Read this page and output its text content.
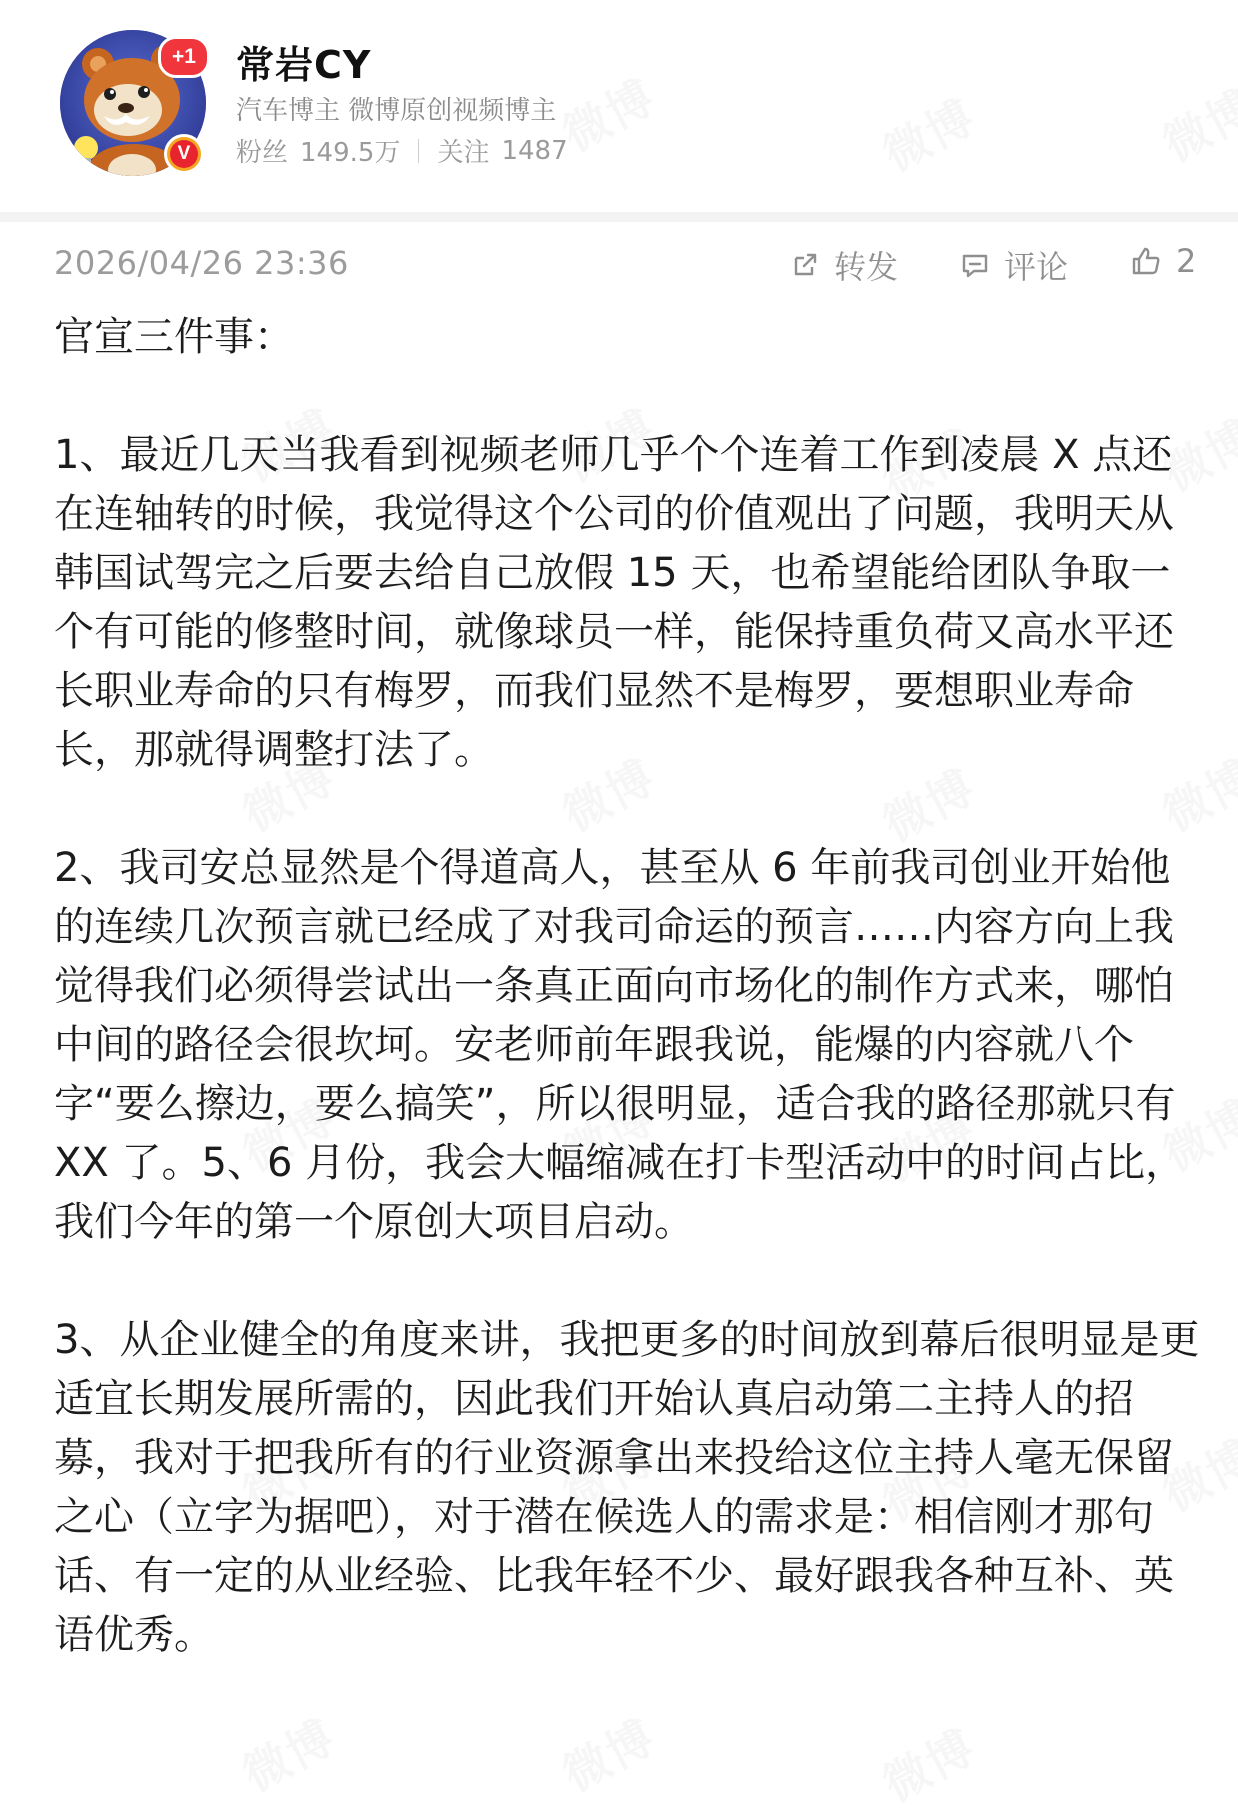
+1
V
常岩CY
汽车博主 微博原创视频博主
粉丝 149.5万 关注 1487
2026/04/26 23:36	转发	评论	2

官宣三件事：

1、最近几天当我看到视频老师几乎个个连着工作到凌晨 X 点还在连轴转的时候，我觉得这个公司的价值观出了问题，我明天从韩国试驾完之后要去给自己放假 15 天，也希望能给团队争取一个有可能的修整时间，就像球员一样，能保持重负荷又高水平还长职业寿命的只有梅罗，而我们显然不是梅罗，要想职业寿命长，那就得调整打法了。

2、我司安总显然是个得道高人，甚至从 6 年前我司创业开始他的连续几次预言就已经成了对我司命运的预言……内容方向上我觉得我们必须得尝试出一条真正面向市场化的制作方式来，哪怕中间的路径会很坎坷。安老师前年跟我说，能爆的内容就八个字“要么擦边，要么搞笑”，所以很明显，适合我的路径那就只有 XX 了。5、6 月份，我会大幅缩减在打卡型活动中的时间占比，我们今年的第一个原创大项目启动。

3、从企业健全的角度来讲，我把更多的时间放到幕后很明显是更适宜长期发展所需的，因此我们开始认真启动第二主持人的招募，我对于把我所有的行业资源拿出来投给这位主持人毫无保留之心（立字为据吧），对于潜在候选人的需求是：相信刚才那句话、有一定的从业经验、比我年轻不少、最好跟我各种互补、英语优秀。
